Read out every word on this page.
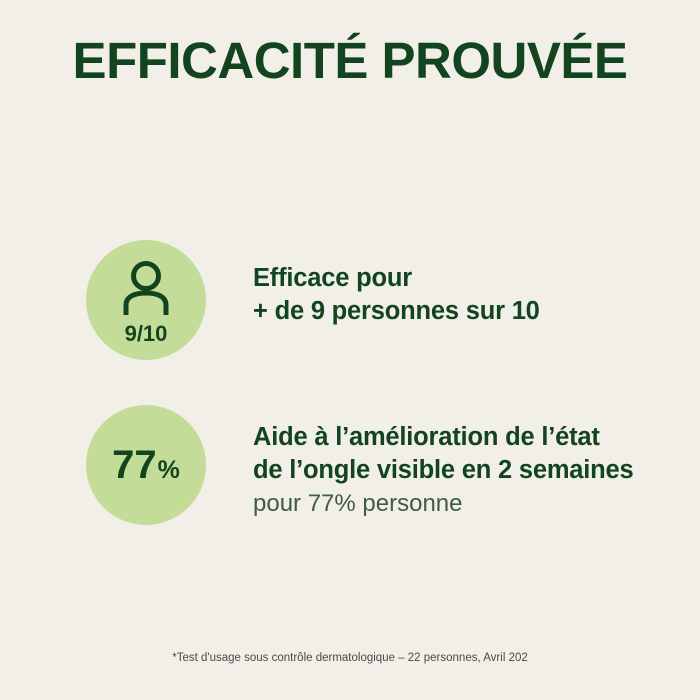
EFFICACITÉ PROUVÉE
9/10
Efficace pour
+ de 9 personnes sur 10
77 %
Aide à l’amélioration de l’état
de l’ongle visible en 2 semaines
pour 77% personne
*Test d'usage sous contrôle dermatologique – 22 personnes, Avril 202
